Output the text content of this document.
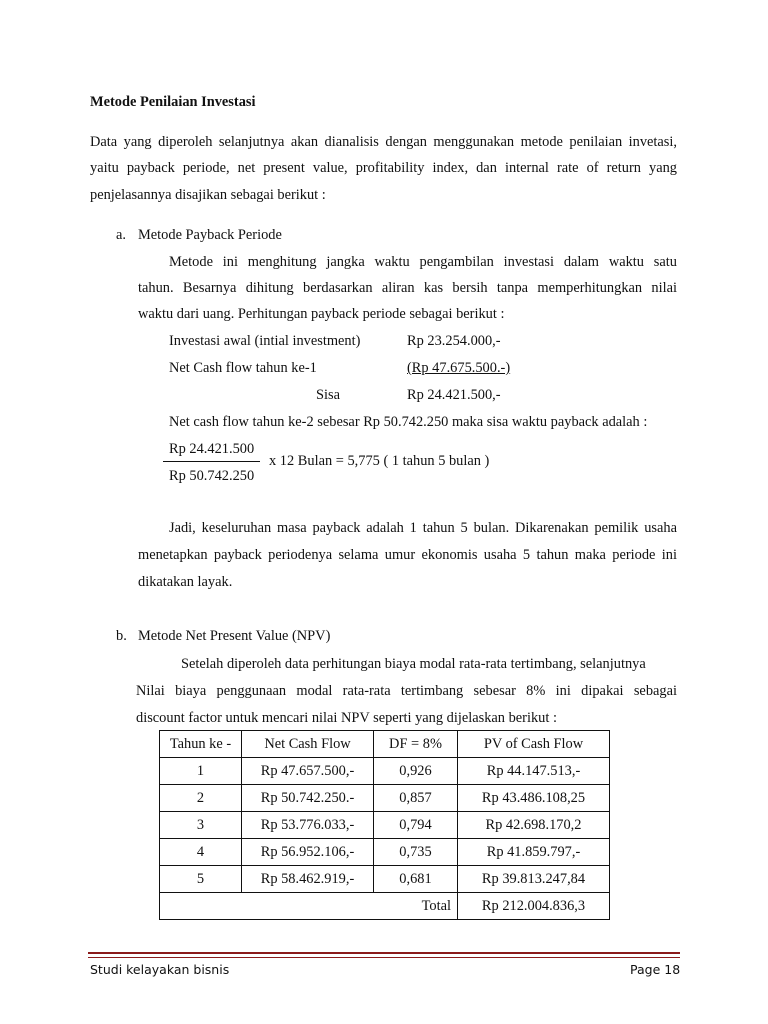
Metode Penilaian Investasi
Data yang diperoleh selanjutnya akan dianalisis dengan menggunakan metode penilaian invetasi,
yaitu payback periode, net present value, profitability index, dan internal rate of return yang
penjelasannya disajikan sebagai berikut :
a. Metode Payback Periode
Metode ini menghitung jangka waktu pengambilan investasi dalam waktu satu
tahun. Besarnya dihitung berdasarkan aliran kas bersih tanpa memperhitungkan nilai
waktu dari uang. Perhitungan payback periode sebagai berikut :
Investasi awal (intial investment)	Rp 23.254.000,-
Net Cash flow tahun ke-1	(Rp 47.675.500.-)
Sisa	Rp 24.421.500,-
Net cash flow tahun ke-2 sebesar Rp 50.742.250 maka sisa waktu payback adalah :
Rp 24.421.500
Rp 50.742.250
x 12 Bulan = 5,775 ( 1 tahun 5 bulan )
Jadi, keseluruhan masa payback adalah 1 tahun 5 bulan. Dikarenakan pemilik usaha
menetapkan payback periodenya selama umur ekonomis usaha 5 tahun maka periode ini
dikatakan layak.
b. Metode Net Present Value (NPV)
Setelah diperoleh data perhitungan biaya modal rata-rata tertimbang, selanjutnya
Nilai biaya penggunaan modal rata-rata tertimbang sebesar 8% ini dipakai sebagai
discount factor untuk mencari nilai NPV seperti yang dijelaskan berikut :
Tahun ke -	Net Cash Flow	DF = 8%	PV of Cash Flow
1	Rp 47.657.500,-	0,926	Rp 44.147.513,-
2	Rp 50.742.250.-	0,857	Rp 43.486.108,25
3	Rp 53.776.033,-	0,794	Rp 42.698.170,2
4	Rp 56.952.106,-	0,735	Rp 41.859.797,-
5	Rp 58.462.919,-	0,681	Rp 39.813.247,84
Total			Rp 212.004.836,3
Studi kelayakan bisnis	Page 18
